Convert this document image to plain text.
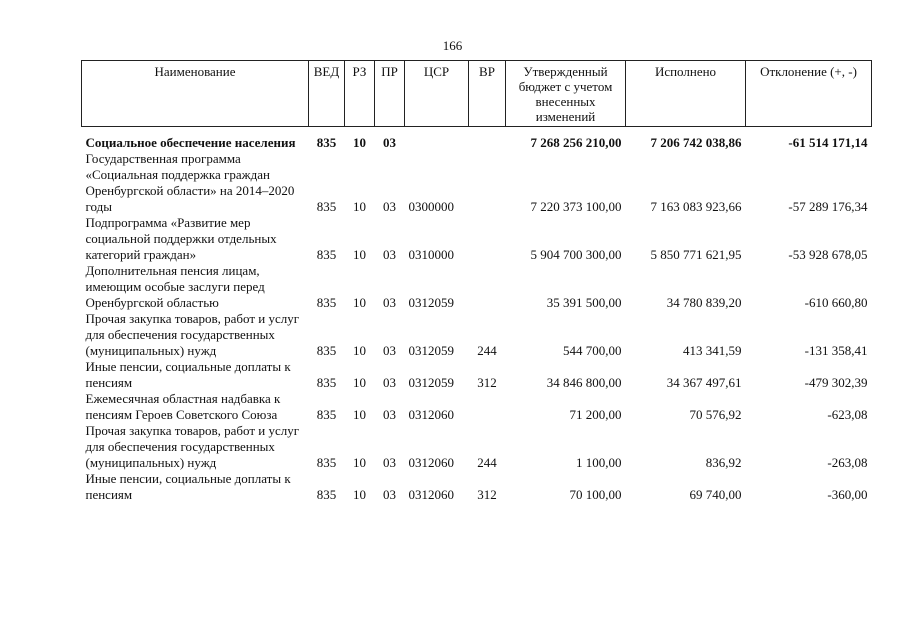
166
Наименование	ВЕД	РЗ	ПР	ЦСР	ВР	Утвержденный бюджет с учетом внесенных изменений	Исполнено	Отклонение (+, -)
Социальное обеспечение населения	835	10	03			7 268 256 210,00	7 206 742 038,86	-61 514 171,14
Государственная программа «Социальная поддержка граждан Оренбургской области» на 2014–2020 годы	835	10	03	0300000		7 220 373 100,00	7 163 083 923,66	-57 289 176,34
Подпрограмма «Развитие мер социальной поддержки отдельных категорий граждан»	835	10	03	0310000		5 904 700 300,00	5 850 771 621,95	-53 928 678,05
Дополнительная пенсия лицам, имеющим особые заслуги перед Оренбургской областью	835	10	03	0312059		35 391 500,00	34 780 839,20	-610 660,80
Прочая закупка товаров, работ и услуг для обеспечения государственных (муниципальных) нужд	835	10	03	0312059	244	544 700,00	413 341,59	-131 358,41
Иные пенсии, социальные доплаты к пенсиям	835	10	03	0312059	312	34 846 800,00	34 367 497,61	-479 302,39
Ежемесячная областная надбавка к пенсиям Героев Советского Союза	835	10	03	0312060		71 200,00	70 576,92	-623,08
Прочая закупка товаров, работ и услуг для обеспечения государственных (муниципальных) нужд	835	10	03	0312060	244	1 100,00	836,92	-263,08
Иные пенсии, социальные доплаты к пенсиям	835	10	03	0312060	312	70 100,00	69 740,00	-360,00
